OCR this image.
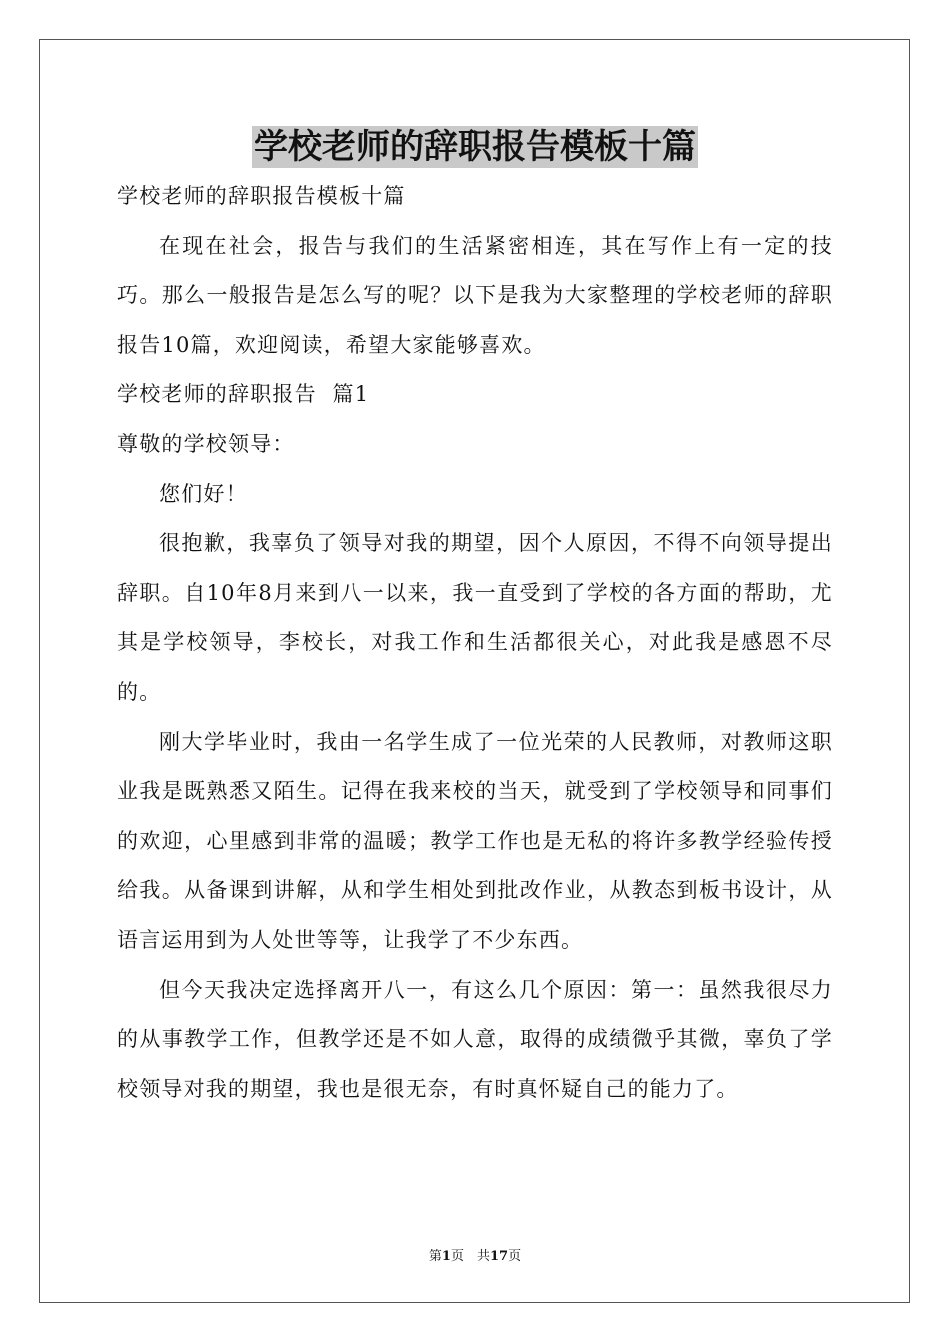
学校老师的辞职报告模板十篇
学校老师的辞职报告模板十篇

在现在社会，报告与我们的生活紧密相连，其在写作上有一定的技巧。那么一般报告是怎么写的呢？以下是我为大家整理的学校老师的辞职报告10篇，欢迎阅读，希望大家能够喜欢。

学校老师的辞职报告  篇1
尊敬的学校领导：

您们好！

很抱歉，我辜负了领导对我的期望，因个人原因，不得不向领导提出辞职。自10年8月来到八一以来，我一直受到了学校的各方面的帮助，尤其是学校领导，李校长，对我工作和生活都很关心，对此我是感恩不尽的。

刚大学毕业时，我由一名学生成了一位光荣的人民教师，对教师这职业我是既熟悉又陌生。记得在我来校的当天，就受到了学校领导和同事们的欢迎，心里感到非常的温暖；教学工作也是无私的将许多教学经验传授给我。从备课到讲解，从和学生相处到批改作业，从教态到板书设计，从语言运用到为人处世等等，让我学了不少东西。

但今天我决定选择离开八一，有这么几个原因：第一：虽然我很尽力的从事教学工作，但教学还是不如人意，取得的成绩微乎其微，辜负了学校领导对我的期望，我也是很无奈，有时真怀疑自己的能力了。

第1页　共17页
